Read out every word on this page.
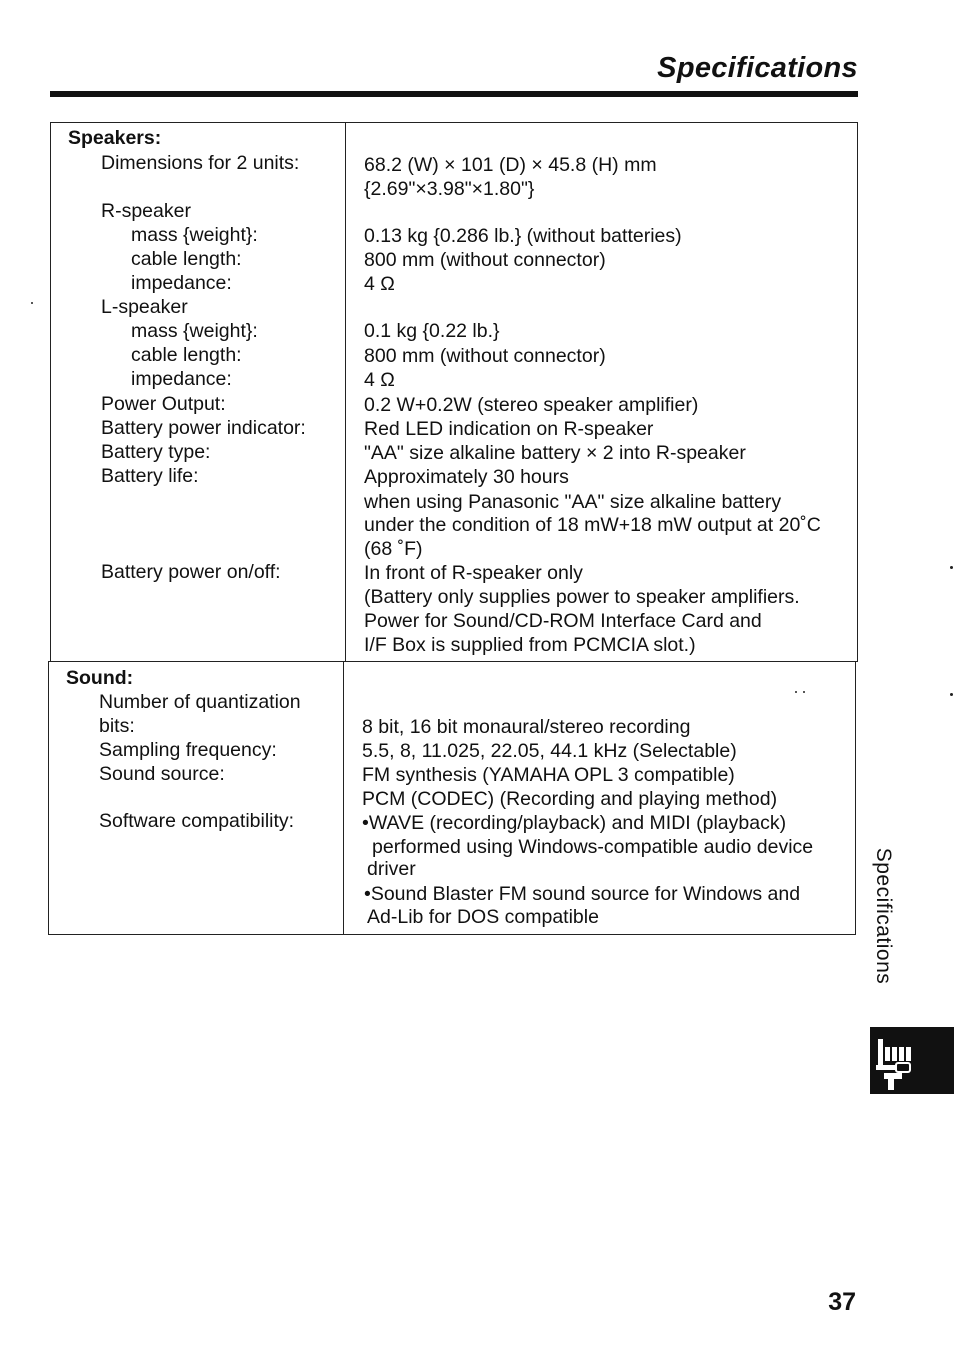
Specifications
Speakers:
Dimensions for 2 units:	68.2 (W) × 101 (D) × 45.8 (H) mm
{2.69"×3.98"×1.80"}
R-speaker
mass {weight}:	0.13 kg {0.286 lb.} (without batteries)
cable length:	800 mm (without connector)
impedance:	4 Ω
L-speaker
mass {weight}:	0.1 kg {0.22 lb.}
cable length:	800 mm (without connector)
impedance:	4 Ω
Power Output:	0.2 W+0.2W (stereo speaker amplifier)
Battery power indicator:	Red LED indication on R-speaker
Battery type:	"AA" size alkaline battery × 2 into R-speaker
Battery life:	Approximately 30 hours
when using Panasonic "AA" size alkaline battery
under the condition of 18 mW+18 mW output at 20˚C
(68 ˚F)
Battery power on/off:	In front of R-speaker only
(Battery only supplies power to speaker amplifiers.
Power for Sound/CD-ROM Interface Card and
I/F Box is supplied from PCMCIA slot.)
Sound:
Number of quantization
bits:	8 bit, 16 bit monaural/stereo recording
Sampling frequency:	5.5, 8, 11.025, 22.05, 44.1 kHz (Selectable)
Sound source:	FM synthesis (YAMAHA OPL 3 compatible)
PCM (CODEC) (Recording and playing method)
Software compatibility:	•WAVE (recording/playback) and MIDI (playback)
performed using Windows-compatible audio device
driver
•Sound Blaster FM sound source for Windows and
Ad-Lib for DOS compatible	Specifications
37
